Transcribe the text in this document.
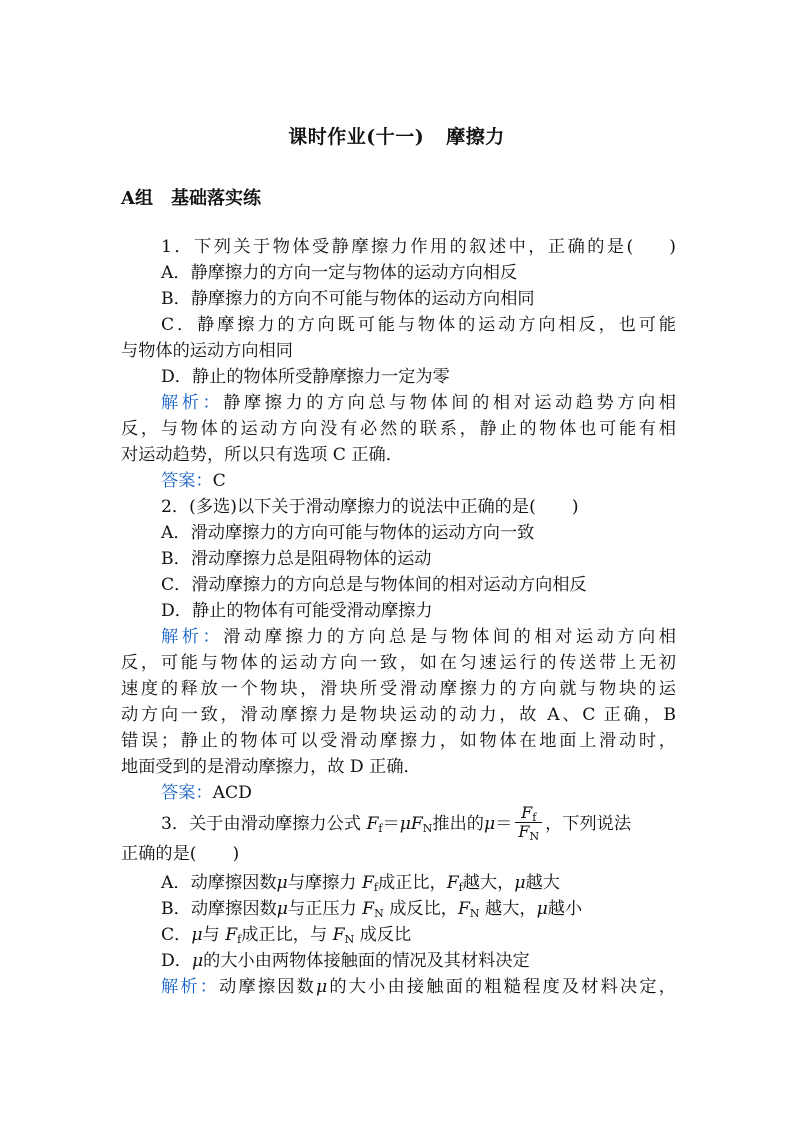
课时作业(十一) 摩擦力
A组 基础落实练
1．下列关于物体受静摩擦力作用的叙述中，正确的是( )
A．静摩擦力的方向一定与物体的运动方向相反
B．静摩擦力的方向不可能与物体的运动方向相同
C．静摩擦力的方向既可能与物体的运动方向相反，也可能
与物体的运动方向相同
D．静止的物体所受静摩擦力一定为零
解析：静摩擦力的方向总与物体间的相对运动趋势方向相
反，与物体的运动方向没有必然的联系，静止的物体也可能有相
对运动趋势，所以只有选项 C 正确．
答案：C
2．(多选)以下关于滑动摩擦力的说法中正确的是( )
A．滑动摩擦力的方向可能与物体的运动方向一致
B．滑动摩擦力总是阻碍物体的运动
C．滑动摩擦力的方向总是与物体间的相对运动方向相反
D．静止的物体有可能受滑动摩擦力
解析：滑动摩擦力的方向总是与物体间的相对运动方向相
反，可能与物体的运动方向一致，如在匀速运行的传送带上无初
速度的释放一个物块，滑块所受滑动摩擦力的方向就与物块的运
动方向一致，滑动摩擦力是物块运动的动力，故 A、C 正确，B
错误；静止的物体可以受滑动摩擦力，如物体在地面上滑动时，
地面受到的是滑动摩擦力，故 D 正确．
答案：ACD
3．关于由滑动摩擦力公式 $F_f=\mu F_N$推出的$\mu= \frac{F_f}{F_N}$ ，下列说法
正确的是( )
A．动摩擦因数μ与摩擦力 $F_f$成正比，$F_f$越大，μ越大
B．动摩擦因数μ与正压力 $F_N$ 成反比，$F_N$ 越大，μ越小
C．μ与 $F_f$成正比，与 $F_N$ 成反比
D．μ的大小由两物体接触面的情况及其材料决定
解析：动摩擦因数μ的大小由接触面的粗糙程度及材料决定，
